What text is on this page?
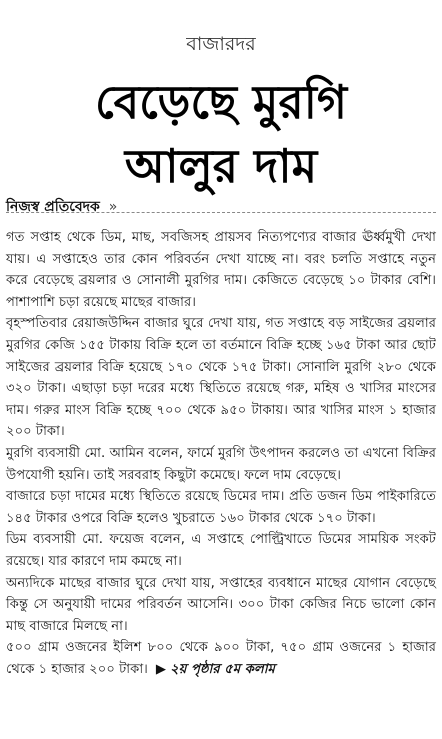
বাজারদর
বেড়েছে মুরগি
আলুর দাম
নিজস্ব প্রতিবেদক »

গত সপ্তাহ থেকে ডিম, মাছ, সবজিসহ প্রায়সব নিত্যপণ্যের বাজার ঊর্ধ্বমুখী দেখা যায়। এ সপ্তাহেও তার কোন পরিবর্তন দেখা যাচ্ছে না। বরং চলতি সপ্তাহে নতুন করে বেড়েছে ব্রয়লার ও সোনালী মুরগির দাম। কেজিতে বেড়েছে ১০ টাকার বেশি। পাশাপাশি চড়া রয়েছে মাছের বাজার।

বৃহস্পতিবার রেয়াজউদ্দিন বাজার ঘুরে দেখা যায়, গত সপ্তাহে বড় সাইজের ব্রয়লার মুরগির কেজি ১৫৫ টাকায় বিক্রি হলে তা বর্তমানে বিক্রি হচ্ছে ১৬৫ টাকা আর ছোট সাইজের ব্রয়লার বিক্রি হয়েছে ১৭০ থেকে ১৭৫ টাকা। সোনালি মুরগি ২৮০ থেকে ৩২০ টাকা। এছাড়া চড়া দরের মধ্যে স্থিতিতে রয়েছে গরু, মহিষ ও খাসির মাংসের দাম। গরুর মাংস বিক্রি হচ্ছে ৭০০ থেকে ৯৫০ টাকায়। আর খাসির মাংস ১ হাজার ২০০ টাকা।

মুরগি ব্যবসায়ী মো. আমিন বলেন, ফার্মে মুরগি উৎপাদন করলেও তা এখনো বিক্রির উপযোগী হয়নি। তাই সরবরাহ কিছুটা কমেছে। ফলে দাম বেড়েছে।

বাজারে চড়া দামের মধ্যে স্থিতিতে রয়েছে ডিমের দাম। প্রতি ডজন ডিম পাইকারিতে ১৪৫ টাকার ওপরে বিক্রি হলেও খুচরাতে ১৬০ টাকার থেকে ১৭০ টাকা।

ডিম ব্যবসায়ী মো. ফয়েজ বলেন, এ সপ্তাহে পোল্ট্রিখাতে ডিমের সাময়িক সংকট রয়েছে। যার কারণে দাম কমছে না।

অন্যদিকে মাছের বাজার ঘুরে দেখা যায়, সপ্তাহের ব্যবধানে মাছের যোগান বেড়েছে কিন্তু সে অনুযায়ী দামের পরিবর্তন আসেনি। ৩০০ টাকা কেজির নিচে ভালো কোন মাছ বাজারে মিলছে না।

৫০০ গ্রাম ওজনের ইলিশ ৮০০ থেকে ৯০০ টাকা, ৭৫০ গ্রাম ওজনের ১ হাজার থেকে ১ হাজার ২০০ টাকা। ▶ ২য় পৃষ্ঠার ৫ম কলাম
